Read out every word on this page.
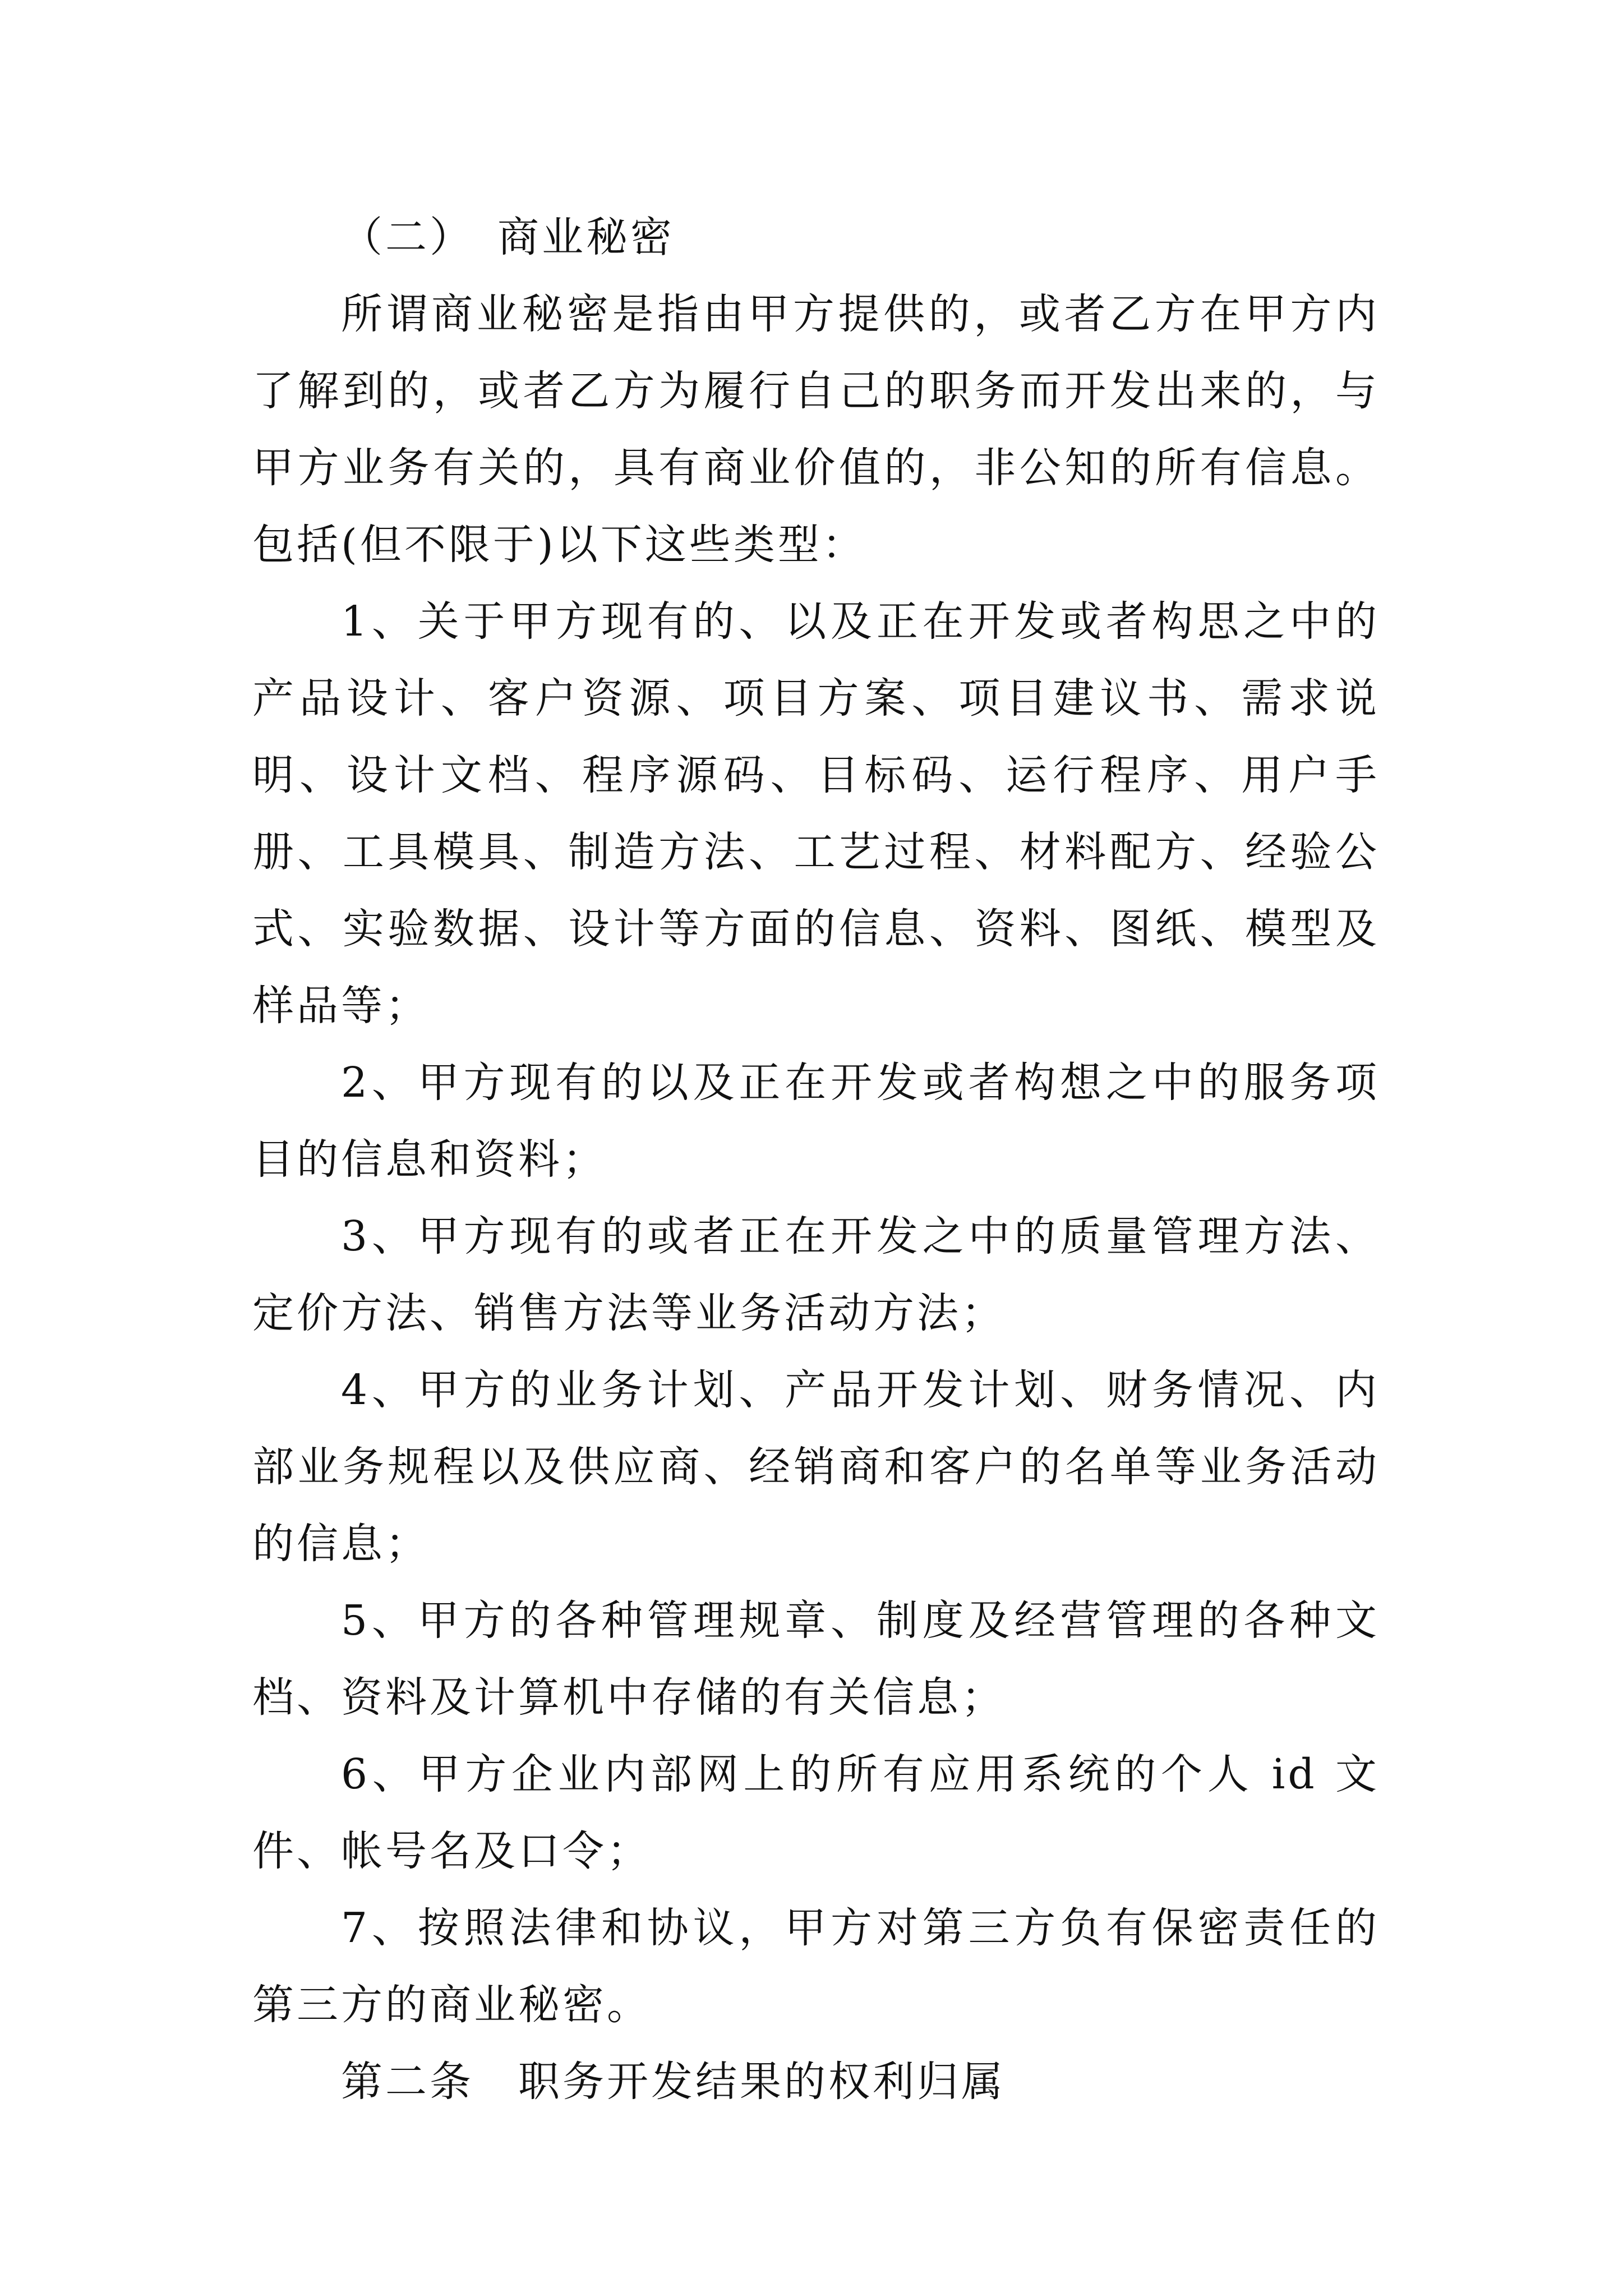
（二）　商业秘密

所谓商业秘密是指由甲方提供的，或者乙方在甲方内了解到的，或者乙方为履行自己的职务而开发出来的，与甲方业务有关的，具有商业价值的，非公知的所有信息。包括(但不限于)以下这些类型：

1、关于甲方现有的、以及正在开发或者构思之中的产品设计、客户资源、项目方案、项目建议书、需求说明、设计文档、程序源码、目标码、运行程序、用户手册、工具模具、制造方法、工艺过程、材料配方、经验公式、实验数据、设计等方面的信息、资料、图纸、模型及样品等；

2、甲方现有的以及正在开发或者构想之中的服务项目的信息和资料；

3、甲方现有的或者正在开发之中的质量管理方法、定价方法、销售方法等业务活动方法；

4、甲方的业务计划、产品开发计划、财务情况、内部业务规程以及供应商、经销商和客户的名单等业务活动的信息；

5、甲方的各种管理规章、制度及经营管理的各种文档、资料及计算机中存储的有关信息；

6、甲方企业内部网上的所有应用系统的个人 id 文件、帐号名及口令；

7、按照法律和协议，甲方对第三方负有保密责任的第三方的商业秘密。

第二条　职务开发结果的权利归属
